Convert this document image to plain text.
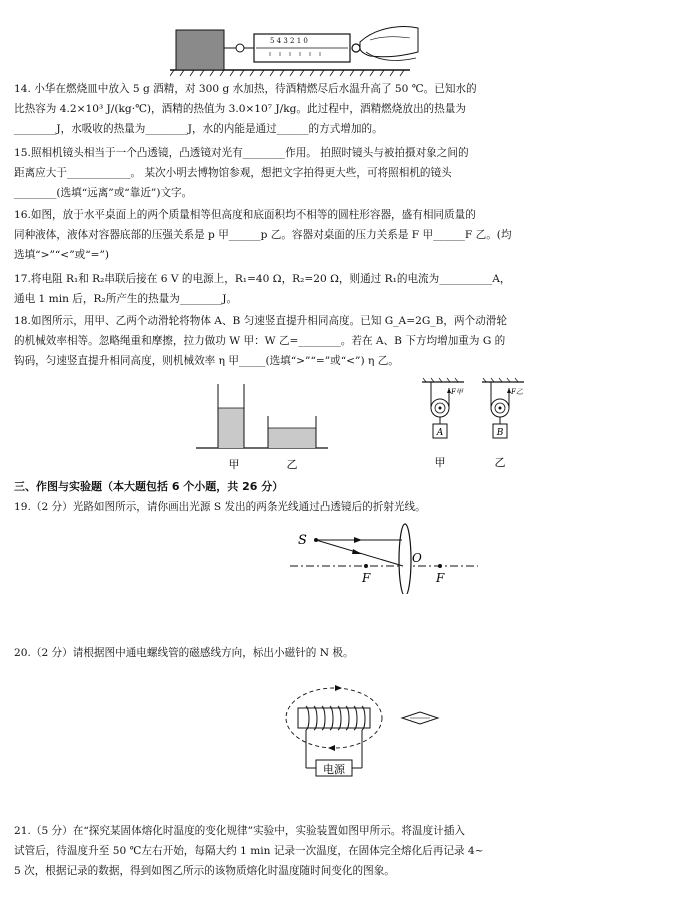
5 4 3 2 1 0
14. 小华在燃烧皿中放入 5 g 酒精，对 300 g 水加热，待酒精燃尽后水温升高了 50 ℃。已知水的
比热容为 4.2×10³ J/(kg·℃)，酒精的热值为 3.0×10⁷ J/kg。此过程中，酒精燃烧放出的热量为
________J，水吸收的热量为________J，水的内能是通过______的方式增加的。
15.照相机镜头相当于一个凸透镜，凸透镜对光有________作用。 拍照时镜头与被拍摄对象之间的
距离应大于____________。 某次小明去博物馆参观，想把文字拍得更大些，可将照相机的镜头
________(选填“远离”或“靠近”)文字。
16.如图，放于水平桌面上的两个质量相等但高度和底面积均不相等的圆柱形容器，盛有相同质量的
同种液体，液体对容器底部的压强关系是 p 甲______p 乙。容器对桌面的压力关系是 F 甲______F 乙。(均
选填“>”“<”或“=”)
17.将电阻 R₁和 R₂串联后接在 6 V 的电源上，R₁=40 Ω，R₂=20 Ω，则通过 R₁的电流为__________A，
通电 1 min 后，R₂所产生的热量为________J。
18.如图所示，用甲、乙两个动滑轮将物体 A、B 匀速竖直提升相同高度。已知 G_A=2G_B，两个动滑轮
的机械效率相等。忽略绳重和摩擦，拉力做功 W 甲：W 乙=________。若在 A、B 下方均增加重为 G 的
钩码，匀速竖直提升相同高度，则机械效率 η 甲_____(选填“>”“=”或“<”) η 乙。
甲	乙
F甲
A
F乙
B
甲	乙
三、作图与实验题（本大题包括 6 个小题，共 26 分）
19.（2 分）光路如图所示，请你画出光源 S 发出的两条光线通过凸透镜后的折射光线。
S
F
O
F
20.（2 分）请根据图中通电螺线管的磁感线方向，标出小磁针的 N 极。
电源
21.（5 分）在“探究某固体熔化时温度的变化规律”实验中，实验装置如图甲所示。将温度计插入
试管后，待温度升至 50 ℃左右开始，每隔大约 1 min 记录一次温度，在固体完全熔化后再记录 4~
5 次，根据记录的数据，得到如图乙所示的该物质熔化时温度随时间变化的图象。
